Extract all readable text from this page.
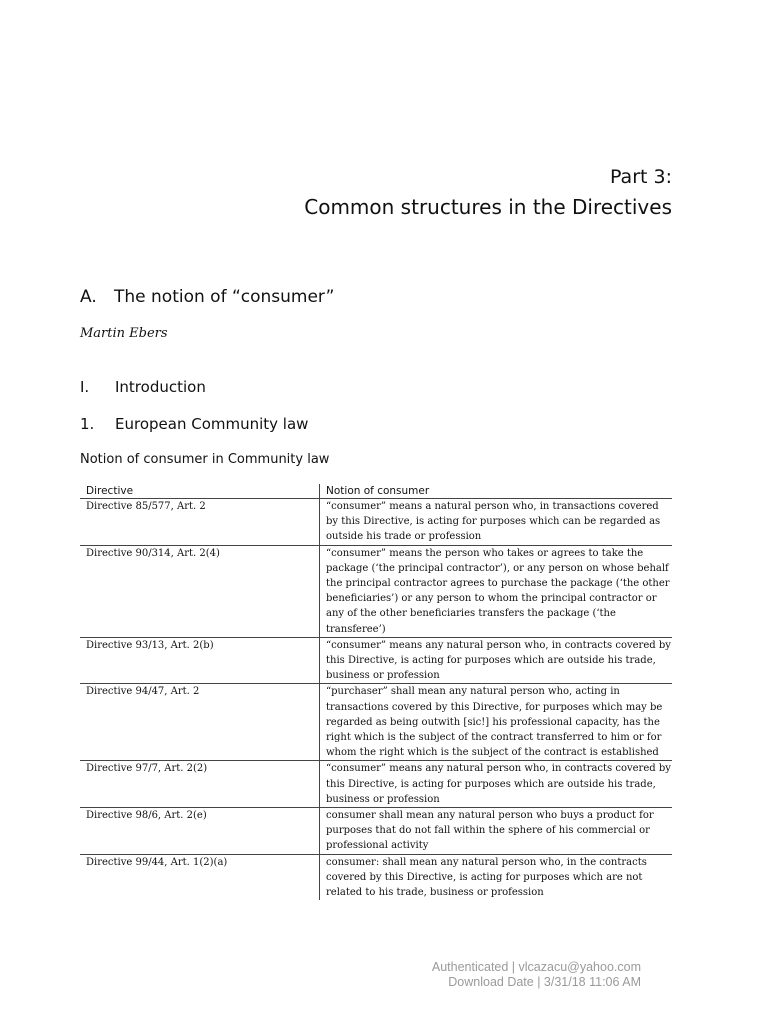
Part 3:
Common structures in the Directives
A. The notion of “consumer”
Martin Ebers
I. Introduction
1. European Community law
Notion of consumer in Community law
Directive	Notion of consumer
Directive 85/577, Art. 2	“consumer” means a natural person who, in transactions covered by this Directive, is acting for purposes which can be regarded as outside his trade or profession
Directive 90/314, Art. 2(4)	“consumer” means the person who takes or agrees to take the package (‘the principal contractor’), or any person on whose behalf the principal contractor agrees to purchase the package (‘the other beneficiaries’) or any person to whom the principal contractor or any of the other beneficiaries transfers the package (‘the transferee’)
Directive 93/13, Art. 2(b)	“consumer” means any natural person who, in contracts covered by this Directive, is acting for purposes which are outside his trade, business or profession
Directive 94/47, Art. 2	“purchaser” shall mean any natural person who, acting in transactions covered by this Directive, for purposes which may be regarded as being outwith [sic!] his professional capacity, has the right which is the subject of the contract transferred to him or for whom the right which is the subject of the contract is established
Directive 97/7, Art. 2(2)	“consumer” means any natural person who, in contracts covered by this Directive, is acting for purposes which are outside his trade, business or profession
Directive 98/6, Art. 2(e)	consumer shall mean any natural person who buys a product for purposes that do not fall within the sphere of his commercial or professional activity
Directive 99/44, Art. 1(2)(a)	consumer: shall mean any natural person who, in the contracts covered by this Directive, is acting for purposes which are not related to his trade, business or profession
Authenticated | vlcazacu@yahoo.com
Download Date | 3/31/18 11:06 AM
